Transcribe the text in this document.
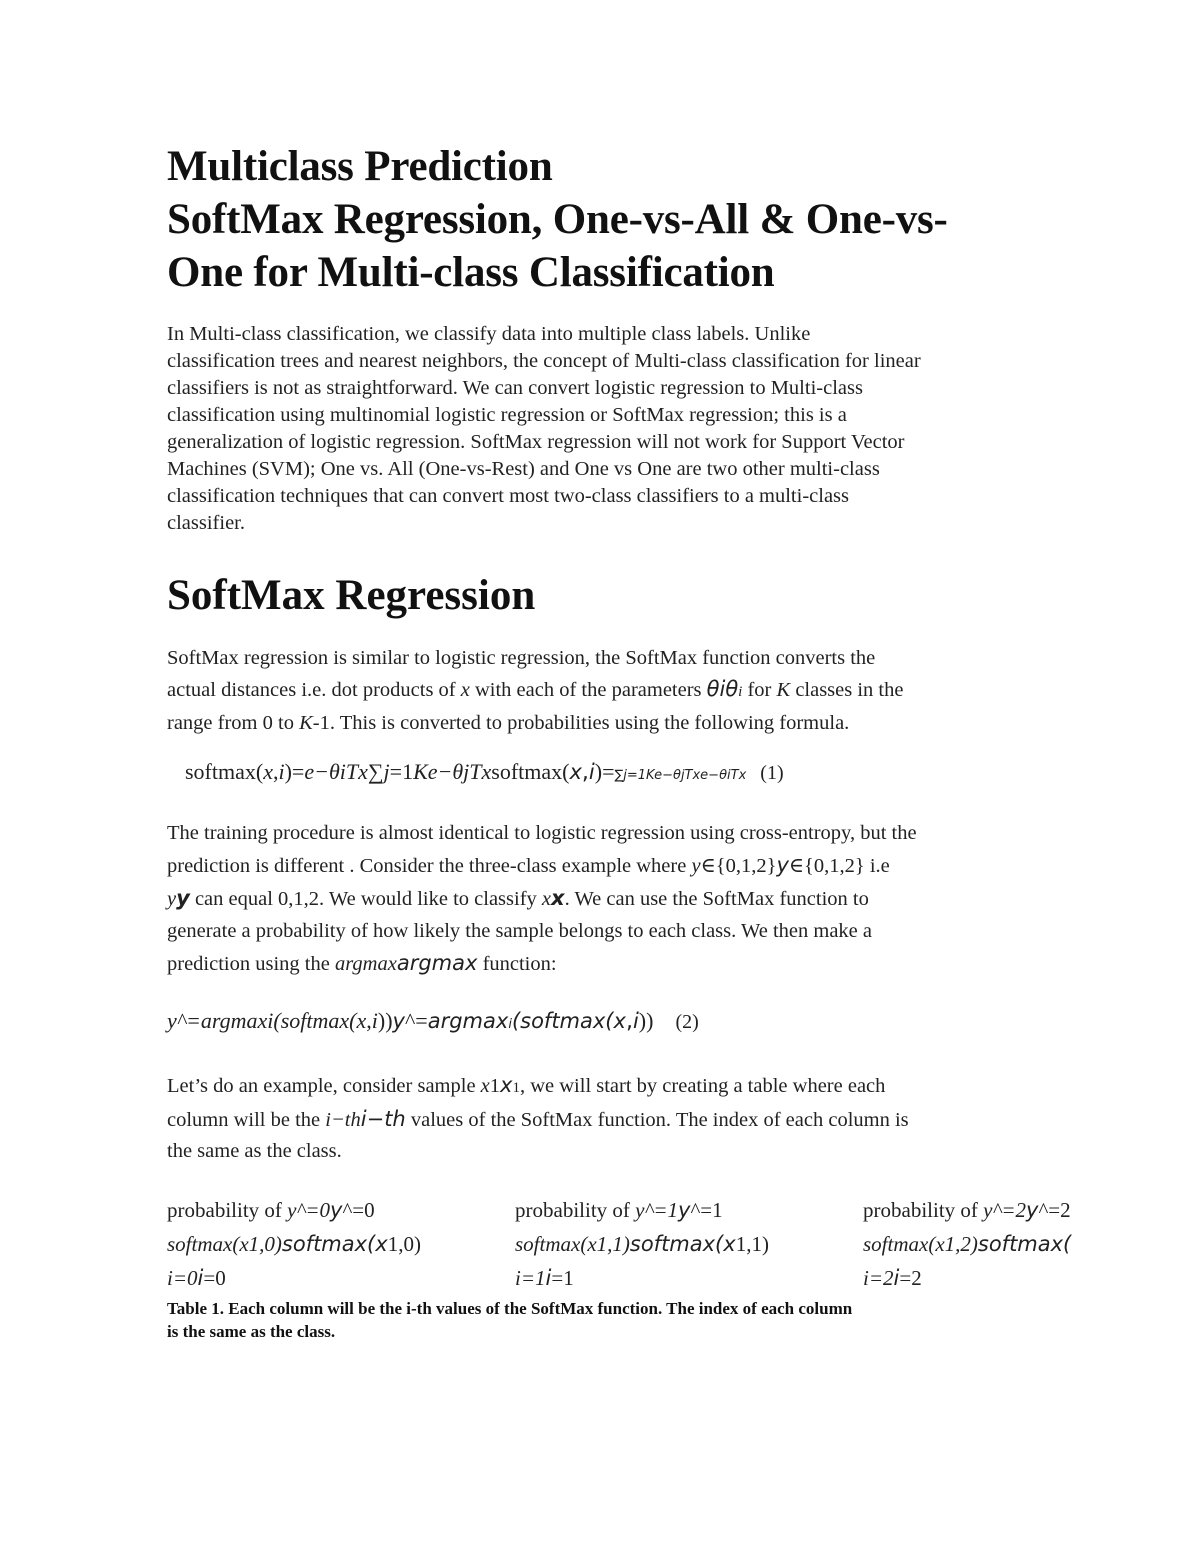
Multiclass Prediction
SoftMax Regression, One-vs-All & One-vs-
One for Multi-class Classification
In Multi-class classification, we classify data into multiple class labels. Unlike
classification trees and nearest neighbors, the concept of Multi-class classification for linear
classifiers is not as straightforward. We can convert logistic regression to Multi-class
classification using multinomial logistic regression or SoftMax regression; this is a
generalization of logistic regression. SoftMax regression will not work for Support Vector
Machines (SVM); One vs. All (One-vs-Rest) and One vs One are two other multi-class
classification techniques that can convert most two-class classifiers to a multi-class
classifier.
SoftMax Regression
SoftMax regression is similar to logistic regression, the SoftMax function converts the
actual distances i.e. dot products of x with each of the parameters θiθi for K classes in the
range from 0 to K-1. This is converted to probabilities using the following formula.
softmax(x,i)=e−θiTx∑j=1Ke−θjTxsoftmax(x,i)=∑j=1Ke−θjTxe−θiTx (1)
The training procedure is almost identical to logistic regression using cross-entropy, but the
prediction is different . Consider the three-class example where y∈{0,1,2}y∈{0,1,2} i.e
yy can equal 0,1,2. We would like to classify xx. We can use the SoftMax function to
generate a probability of how likely the sample belongs to each class. We then make a
prediction using the argmaxargmax function:
y^=argmaxi(softmax(x,i))y^=argmaxi(softmax(x,i)) (2)
Let’s do an example, consider sample x1x1, we will start by creating a table where each
column will be the i−thi−th values of the SoftMax function. The index of each column is
the same as the class.
probability of y^=0y^=0	probability of y^=1y^=1	probability of y^=2y^=2
softmax(x1,0)softmax(x1,0)	softmax(x1,1)softmax(x1,1)	softmax(x1,2)softmax(
i=0i=0	i=1i=1	i=2i=2
Table 1. Each column will be the i-th values of the SoftMax function. The index of each column
is the same as the class.
